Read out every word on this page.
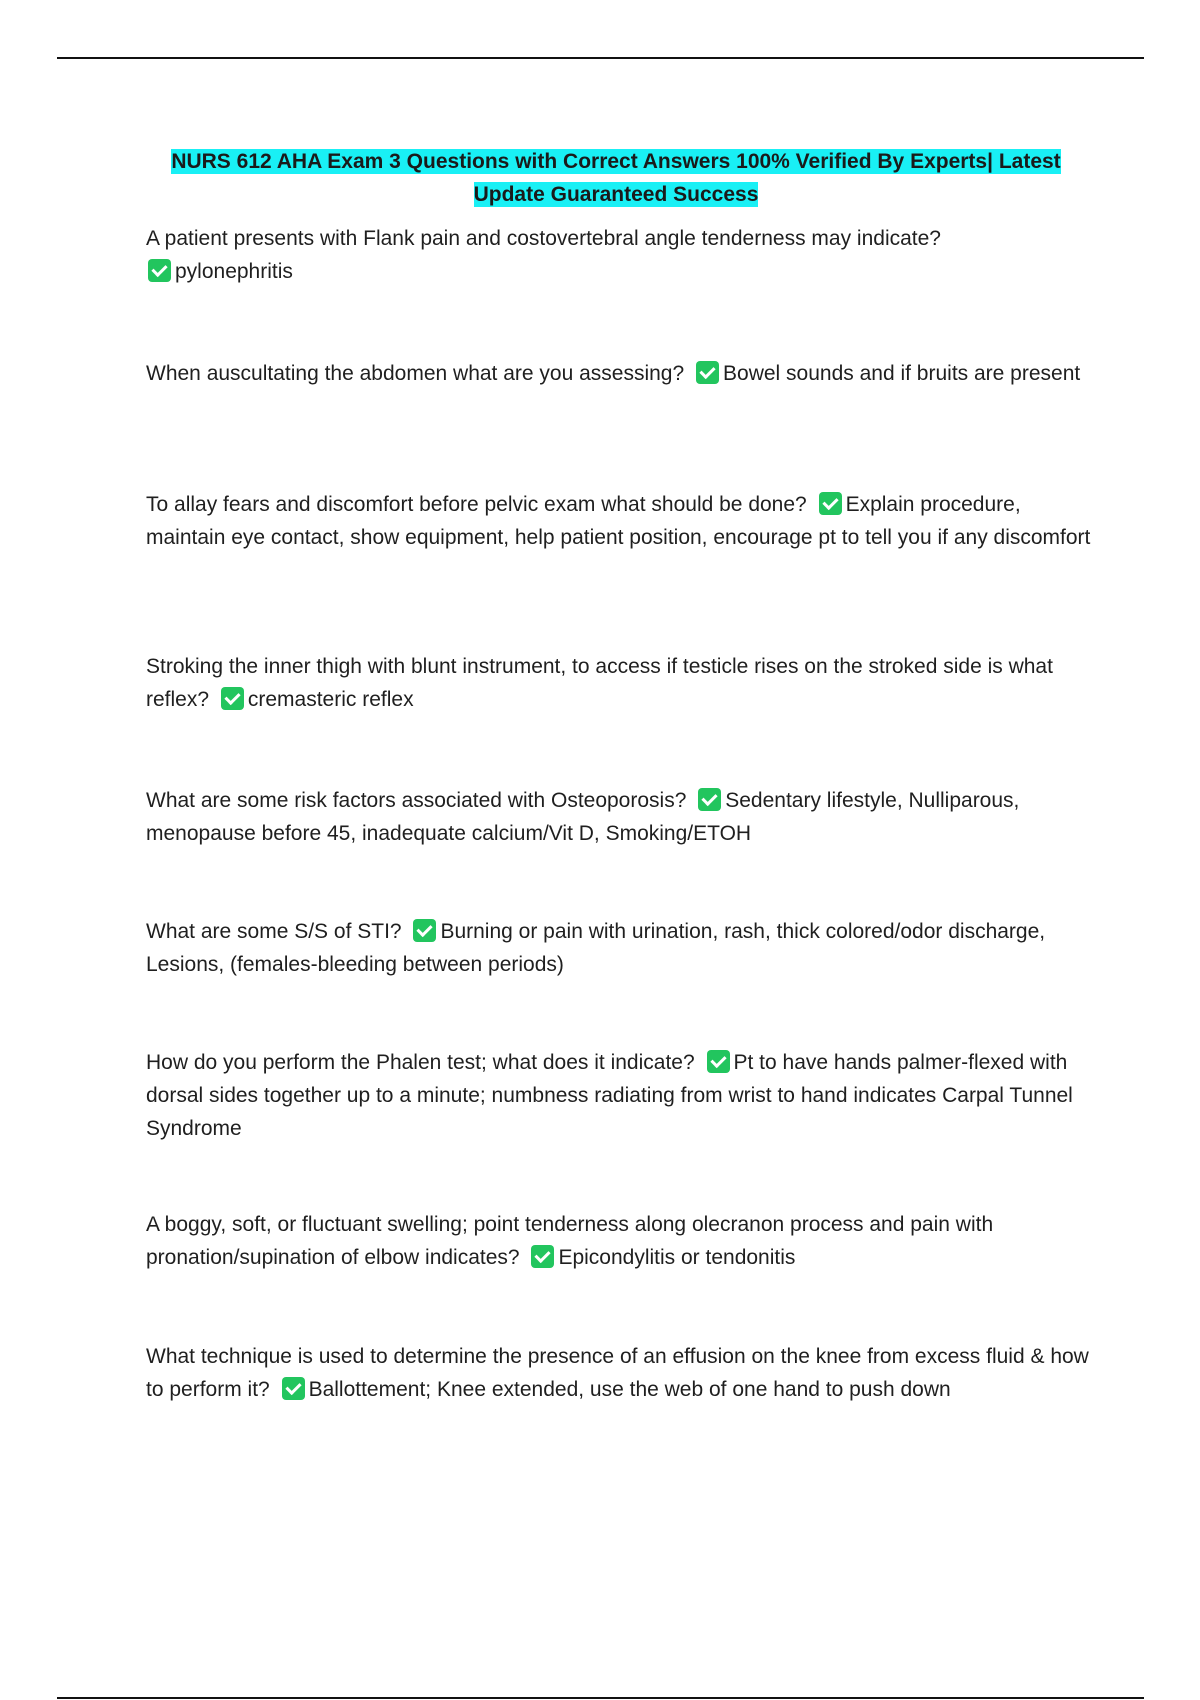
NURS 612 AHA Exam 3 Questions with Correct Answers 100% Verified By Experts| Latest Update Guaranteed Success
A patient presents with Flank pain and costovertebral angle tenderness may indicate?
pylonephritis
When auscultating the abdomen what are you assessing? Bowel sounds and if bruits are present
To allay fears and discomfort before pelvic exam what should be done? Explain procedure, maintain eye contact, show equipment, help patient position, encourage pt to tell you if any discomfort
Stroking the inner thigh with blunt instrument, to access if testicle rises on the stroked side is what reflex? cremasteric reflex
What are some risk factors associated with Osteoporosis? Sedentary lifestyle, Nulliparous, menopause before 45, inadequate calcium/Vit D, Smoking/ETOH
What are some S/S of STI? Burning or pain with urination, rash, thick colored/odor discharge, Lesions, (females-bleeding between periods)
How do you perform the Phalen test; what does it indicate? Pt to have hands palmer-flexed with dorsal sides together up to a minute; numbness radiating from wrist to hand indicates Carpal Tunnel Syndrome
A boggy, soft, or fluctuant swelling; point tenderness along olecranon process and pain with pronation/supination of elbow indicates? Epicondylitis or tendonitis
What technique is used to determine the presence of an effusion on the knee from excess fluid & how to perform it? Ballottement; Knee extended, use the web of one hand to push down
